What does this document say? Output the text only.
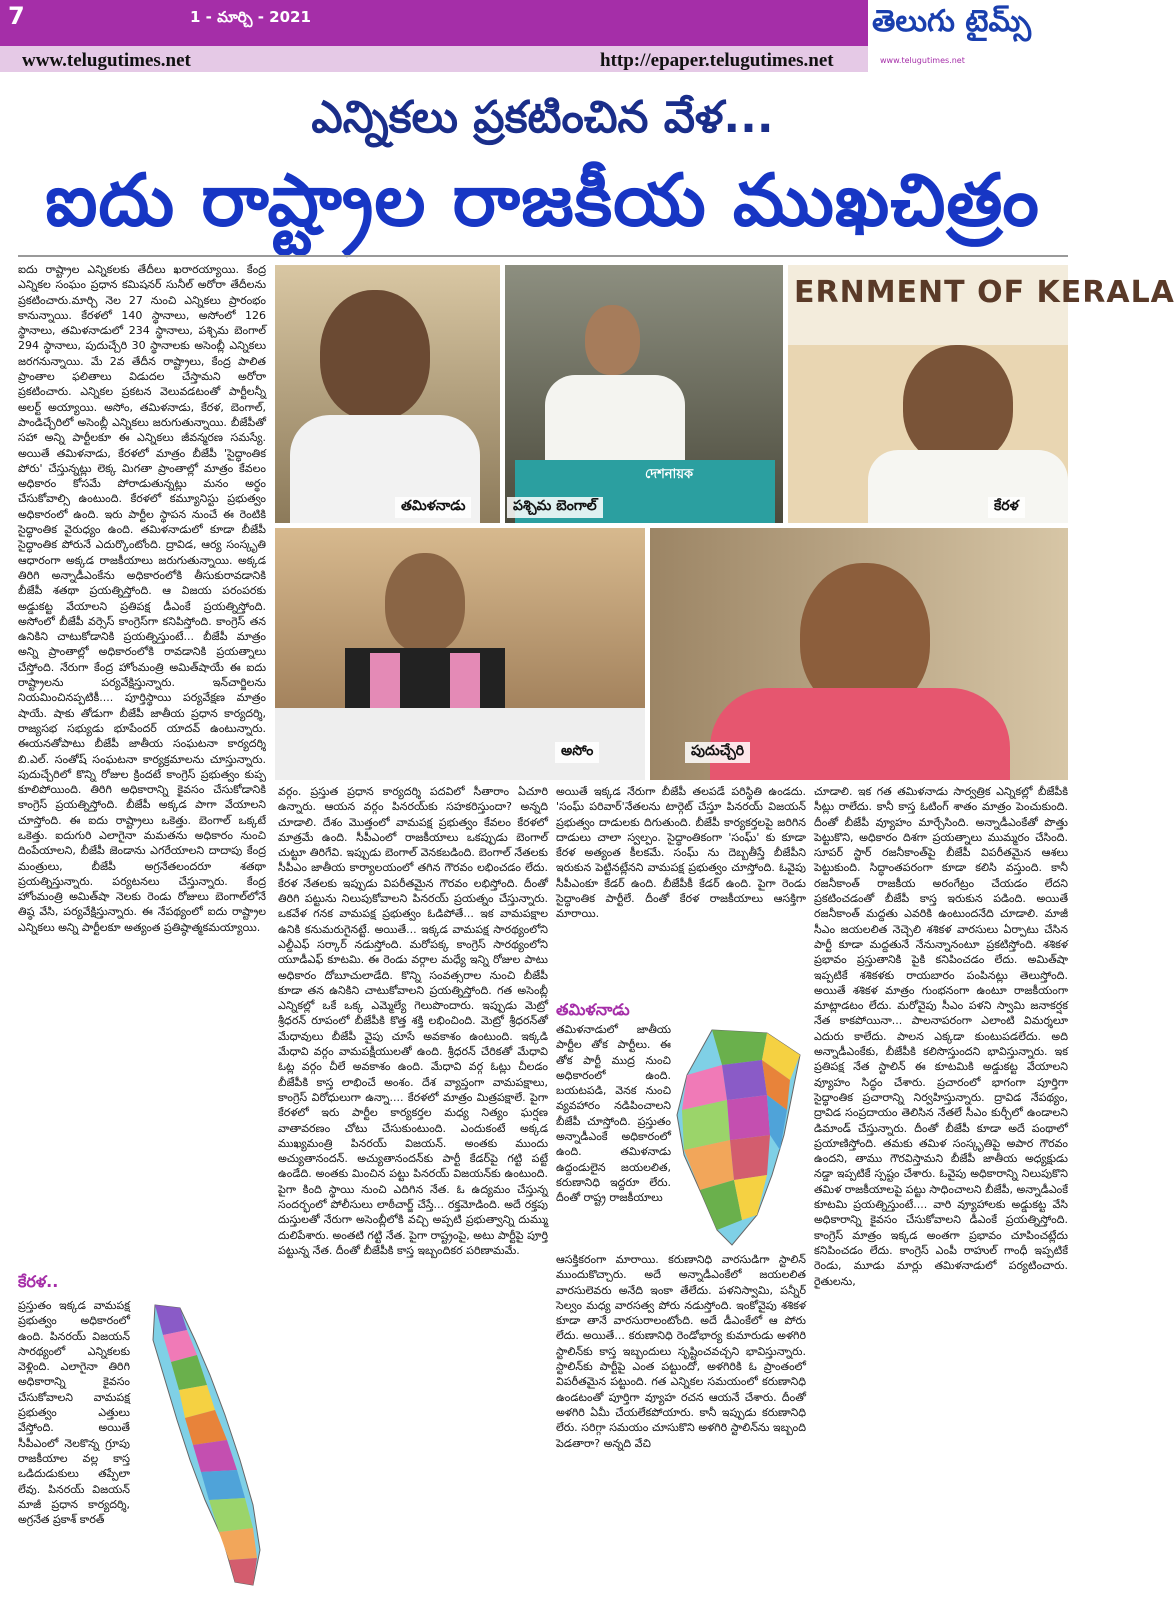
7	1 - మార్చి - 2021
www.telugutimes.net	http://epaper.telugutimes.net
తెలుగు టైమ్స్
www.telugutimes.net
ఎన్నికలు ప్రకటించిన వేళ...
ఐదు రాష్ట్రాల రాజకీయ ముఖచిత్రం

ఐదు రాష్ట్రాల ఎన్నికలకు తేదీలు ఖరారయ్యాయి. కేంద్ర ఎన్నికల సంఘం ప్రధాన కమిషనర్ సునీల్ అరోరా తేదీలను ప్రకటించారు.మార్చి నెల 27 నుంచి ఎన్నికలు ప్రారంభం కానున్నాయి. కేరళలో 140 స్థానాలు, అసోంలో 126 స్థానాలు, తమిళనాడులో 234 స్థానాలు, పశ్చిమ బెంగాల్ 294 స్థానాలు, పుదుచ్చేరి 30 స్థానాలకు అసెంబ్లీ ఎన్నికలు జరగనున్నాయి. మే 2వ తేదీన రాష్ట్రాలు, కేంద్ర పాలిత ప్రాంతాల ఫలితాలు విడుదల చేస్తామని అరోరా ప్రకటించారు. ఎన్నికల ప్రకటన వెలువడటంతో పార్టీలన్నీ అలర్ట్ అయ్యాయి. అసోం, తమిళనాడు, కేరళ, బెంగాల్, పాండిచ్చేరిలో అసెంబ్లీ ఎన్నికలు జరుగుతున్నాయి. బీజేపీతో సహా అన్ని పార్టీలకూ ఈ ఎన్నికలు జీవన్మరణ సమస్యే. అయితే తమిళనాడు, కేరళలో మాత్రం బీజేపీ 'సైద్ధాంతిక పోరు' చేస్తున్నట్లు లెక్క మిగతా ప్రాంతాల్లో మాత్రం కేవలం అధికారం కోసమే పోరాడుతున్నట్లు మనం అర్థం చేసుకోవాల్సి ఉంటుంది. కేరళలో కమ్యూనిస్టు ప్రభుత్వం అధికారంలో ఉంది. ఇరు పార్టీల స్థాపన నుంచే ఈ రెంటికి సైద్ధాంతిక వైరుధ్యం ఉంది. తమిళనాడులో కూడా బీజేపీ సైద్ధాంతిక పోరునే ఎదుర్కొంటోంది. ద్రావిడ, ఆర్య సంస్కృతి ఆధారంగా అక్కడ రాజకీయాలు జరుగుతున్నాయి. అక్కడ తిరిగి అన్నాడీఎంకేను అధికారంలోకి తీసుకురావడానికి బీజేపీ శతథా ప్రయత్నిస్తోంది. ఆ విజయ పరంపరకు అడ్డుకట్ట వేయాలని ప్రతిపక్ష డీఎంకే ప్రయత్నిస్తోంది. అసోంలో బీజేపీ వర్సెస్ కాంగ్రెస్‌గా కనిపిస్తోంది. కాంగ్రెస్ తన ఉనికిని చాటుకోడానికి ప్రయత్నిస్తుంటే... బీజేపీ మాత్రం అన్ని ప్రాంతాల్లో అధికారంలోకి రావడానికి ప్రయత్నాలు చేస్తోంది. నేరుగా కేంద్ర హోంమంత్రి అమిత్‌షాయే ఈ ఐదు రాష్ట్రాలను పర్యవేక్షిస్తున్నారు. ఇన్‌చార్జిలను నియమించినప్పటికీ.... పూర్తిస్థాయి పర్యవేక్షణ మాత్రం షాయే. షాకు తోడుగా బీజేపీ జాతీయ ప్రధాన కార్యదర్శి, రాజ్యసభ సభ్యుడు భూపేందర్ యాదవ్ ఉంటున్నారు. ఈయనతోపాటు బీజేపీ జాతీయ సంఘటనా కార్యదర్శి బి.ఎల్. సంతోష్ సంఘటనా కార్యక్రమాలను చూస్తున్నారు. పుదుచ్చేరిలో కొన్ని రోజుల క్రిందటే కాంగ్రెస్ ప్రభుత్వం కుప్ప కూలిపోయింది. తిరిగి అధికారాన్ని కైవసం చేసుకోడానికి కాంగ్రెస్ ప్రయత్నిస్తోంది. బీజేపీ అక్కడ పాగా వేయాలని చూస్తోంది. ఈ ఐదు రాష్ట్రాలు ఒకెత్తు. బెంగాల్ ఒక్కటే ఒకెత్తు. ఐదుగురి ఎలాగైనా మమతను అధికారం నుంచి దింపేయాలని, బీజేపీ జెండాను ఎగరేయాలని దాదాపు కేంద్ర మంత్రులు, బీజేపీ అగ్రనేతలందరూ శతథా ప్రయత్నిస్తున్నారు. పర్యటనలు చేస్తున్నారు. కేంద్ర హోంమంత్రి అమిత్‌షా నెలకు రెండు రోజులు బెంగాల్‌లోనే తిష్ఠ వేసి, పర్యవేక్షిస్తున్నారు. ఈ నేపథ్యంలో ఐదు రాష్ట్రాల ఎన్నికలు అన్ని పార్టీలకూ అత్యంత ప్రతిష్ఠాత్మకమయ్యాయి.

కేరళ..

ప్రస్తుతం ఇక్కడ వామపక్ష ప్రభుత్వం అధికారంలో ఉంది. పినరయ్ విజయన్ సారథ్యంలో ఎన్నికలకు వెళ్లింది. ఎలాగైనా తిరిగి అధికారాన్ని కైవసం చేసుకోవాలని వామపక్ష ప్రభుత్వం ఎత్తులు వేస్తోంది. అయితే సీపీఎంలో నెలకొన్న గ్రూపు రాజకీయాల వల్ల కాస్త ఒడిదుడుకులు తప్పేలా లేవు. పినరయ్ విజయన్ మాజీ ప్రధాన కార్యదర్శి, అగ్రనేత ప్రకాశ్ కారత్

తమిళనాడు
দেশনায়ক
పశ్చిమ బెంగాల్
ERNMENT OF KERALA
కేరళ
అసోం	పుదుచ్చేరి

వర్గం. ప్రస్తుత ప్రధాన కార్యదర్శి పదవిలో సీతారాం ఏచూరి ఉన్నారు. ఆయన వర్గం పినరయ్‌కు సహకరిస్తుందా? అన్నది చూడాలి. దేశం మొత్తంలో వామపక్ష ప్రభుత్వం కేవలం కేరళలో మాత్రమే ఉంది. సీపీఎంలో రాజకీయాలు ఒకప్పుడు బెంగాల్ చుట్టూ తిరిగేవి. ఇప్పుడు బెంగాల్ వెనకబడింది. బెంగాల్ నేతలకు సీపీఎం జాతీయ కార్యాలయంలో తగిన గౌరవం లభించడం లేదు. కేరళ నేతలకు ఇప్పుడు విపరీతమైన గౌరవం లభిస్తోంది. దీంతో తిరిగి పట్టును నిలుపుకోవాలని పినరయ్ ప్రయత్నం చేస్తున్నారు. ఒకవేళ గనక వామపక్ష ప్రభుత్వం ఓడిపోతే... ఇక వామపక్షాల ఉనికి కనుమరుగైనట్టే. అయితే... ఇక్కడ వామపక్ష సారథ్యంలోని ఎల్డీఎఫ్ సర్కార్ నడుస్తోంది. మరోపక్క కాంగ్రెస్ సారథ్యంలోని యూడీఎఫ్ కూటమి. ఈ రెండు వర్గాల మధ్యే ఇన్ని రోజుల పాటు అధికారం దోబూచులాడేది. కొన్ని సంవత్సరాల నుంచి బీజేపీ కూడా తన ఉనికిని చాటుకోవాలని ప్రయత్నిస్తోంది. గత అసెంబ్లీ ఎన్నికల్లో ఒకే ఒక్క ఎమ్మెల్యే గెలుపొందారు. ఇప్పుడు మెట్రో శ్రీధరన్ రూపంలో బీజేపీకి కొత్త శక్తి లభించింది. మెట్రో శ్రీధరన్‌తో మేధావులు బీజేపీ వైపు చూసే అవకాశం ఉంటుంది. ఇక్కడి మేధావి వర్గం వామపక్షీయులతో ఉంది. శ్రీధరన్ చేరికతో మేధావి ఓట్ల వర్గం చీలే అవకాశం ఉంది. మేధావి వర్గ ఓట్లు చీలడం బీజేపీకి కాస్త లాభించే అంశం. దేశ వ్యాప్తంగా వామపక్షాలు, కాంగ్రెస్ విరోధులుగా ఉన్నా.... కేరళలో మాత్రం మిత్రపక్షాలే. పైగా కేరళలో ఇరు పార్టీల కార్యకర్తల మధ్య నిత్యం ఘర్షణ వాతావరణం చోటు చేసుకుంటుంది. ఎందుకంటే అక్కడ ముఖ్యమంత్రి పినరయ్ విజయన్. అంతకు ముందు అచ్యుతానందన్. అచ్యుతానందన్‌కు పార్టీ కేడర్‌పై గట్టి పట్టే ఉండేది. అంతకు మించిన పట్టు పినరయ్ విజయన్‌కు ఉంటుంది. పైగా కింది స్థాయి నుంచి ఎదిగిన నేత. ఓ ఉద్యమం చేస్తున్న సందర్భంలో పోలీసులు లాఠీచార్జ్ చేస్తే... రక్తమోడింది. అదే రక్తపు దుస్తులతో నేరుగా అసెంబ్లీలోకి వచ్చి అప్పటి ప్రభుత్వాన్ని దుమ్ము దులిపేశారు. అంతటి గట్టి నేత. పైగా రాష్ట్రంపై, అటు పార్టీపై పూర్తి పట్టున్న నేత. దీంతో బీజేపీకి కాస్త ఇబ్బందికర పరిణామమే.

అయితే ఇక్కడ నేరుగా బీజేపీ తలపడే పరిస్థితి ఉండదు. 'సంఘ్ పరివార్'నేతలను టార్గెట్ చేస్తూ పినరయ్ విజయన్ ప్రభుత్వం దాడులకు దిగుతుంది. బీజేపీ కార్యకర్తలపై జరిగిన దాడులు చాలా స్వల్పం. సైద్ధాంతికంగా 'సంఘ్' కు కూడా కేరళ అత్యంత కీలకమే. సంఘ్ ను దెబ్బతీస్తే బీజేపీని ఇరుకున పెట్టినట్లేనని వామపక్ష ప్రభుత్వం చూస్తోంది. ఓవైపు సీపీఎంకూ కేడర్ ఉంది. బీజేపీకీ కేడర్ ఉంది. పైగా రెండు సైద్ధాంతిక పార్టీలే. దీంతో కేరళ రాజకీయాలు ఆసక్తిగా మారాయి.

తమిళనాడు

తమిళనాడులో జాతీయ పార్టీల తోక పార్టీలు. ఈ తోక పార్టీ ముద్ర నుంచి అధికారంలో ఉంది. బయటపడి, వెనక నుంచి వ్యవహారం నడిపించాలని బీజేపీ చూస్తోంది. ప్రస్తుతం అన్నాడీఎంకే అధికారంలో ఉంది. తమిళనాడు ఉద్దండులైన జయలలిత, కరుణానిధి ఇద్దరూ లేరు. దీంతో రాష్ట్ర రాజకీయాలు

ఆసక్తికరంగా మారాయి. కరుణానిధి వారసుడిగా స్టాలిన్ ముందుకొచ్చారు. అదే అన్నాడీఎంకేలో జయలలిత వారసులెవరు అనేది ఇంకా తేలేదు. పళనిస్వామి, పన్నీర్ సెల్వం మధ్య వారసత్వ పోరు నడుస్తోంది. ఇంకోవైపు శశికళ కూడా తానే వారసురాలంటోంది. అదే డీఎంకేలో ఆ పోరు లేదు. అయితే... కరుణానిధి రెండోభార్య కుమారుడు అళగిరి స్టాలిన్‌కు కాస్త ఇబ్బందులు సృష్టించవచ్చని భావిస్తున్నారు. స్టాలిన్‌కు పార్టీపై ఎంత పట్టుందో, అళగిరికి ఓ ప్రాంతంలో విపరీతమైన పట్టుంది. గత ఎన్నికల సమయంలో కరుణానిధి ఉండటంతో పూర్తిగా వ్యూహ రచన ఆయనే చేశారు. దీంతో అళగిరి ఏమీ చేయలేకపోయారు. కానీ ఇప్పుడు కరుణానిధి లేరు. సరిగ్గా సమయం చూసుకొని అళగిరి స్టాలిన్‌ను ఇబ్బంది పెడతారా? అన్నది వేచి

చూడాలి. ఇక గత తమిళనాడు సార్వత్రిక ఎన్నికల్లో బీజేపీకి సీట్లు రాలేదు. కానీ కాస్త ఓటింగ్ శాతం మాత్రం పెంచుకుంది. దీంతో బీజేపీ వ్యూహం మార్చేసింది. అన్నాడీఎంకేతో పొత్తు పెట్టుకొని, అధికారం దిశగా ప్రయత్నాలు ముమ్మరం చేసింది. సూపర్ స్టార్ రజనీకాంత్‌పై బీజేపీ విపరీతమైన ఆశలు పెట్టుకుంది. సిద్ధాంతపరంగా కూడా కలిసి వస్తుంది. కానీ రజనీకాంత్ రాజకీయ అరంగేట్రం చేయడం లేదని ప్రకటించడంతో బీజేపీ కాస్త ఇరుకున పడింది. అయితే రజనీకాంత్ మద్దతు ఎవరికి ఉంటుందనేది చూడాలి. మాజీ సీఎం జయలలిత నెచ్చెలి శశికళ వారసులు ఏర్పాటు చేసిన పార్టీ కూడా మద్దతునే నేనున్నానంటూ ప్రకటిస్తోంది. శశికళ ప్రభావం ప్రస్తుతానికి పైకి కనిపించడం లేదు. అమిత్‌షా ఇప్పటికే శశికళకు రాయబారం పంపినట్లు తెలుస్తోంది. అయితే శశికళ మాత్రం గుంభనంగా ఉంటూ రాజకీయంగా మాట్లాడటం లేదు. మరోవైపు సీఎం పళని స్వామి జనాకర్షక నేత కాకపోయినా... పాలనాపరంగా ఎలాంటి విమర్శలూ ఎదురు కాలేదు. పాలన ఎక్కడా కుంటుపడలేదు. అది అన్నాడీఎంకేకు, బీజేపీకి కలిసొస్తుందని భావిస్తున్నారు. ఇక ప్రతిపక్ష నేత స్టాలిన్ ఈ కూటమికి అడ్డుకట్ట వేయాలని వ్యూహం సిద్ధం చేశారు. ప్రచారంలో భాగంగా పూర్తిగా సైద్ధాంతిక ప్రచారాన్ని నిర్వహిస్తున్నారు. ద్రావిడ నేపథ్యం, ద్రావిడ సంప్రదాయం తెలిసిన నేతలే సీఎం కుర్చీలో ఉండాలని డిమాండ్ చేస్తున్నారు. దీంతో బీజేపీ కూడా అదే పంథాలో ప్రయాణిస్తోంది. తమకు తమిళ సంస్కృతిపై అపార గౌరవం ఉందని, తాము గౌరవిస్తామని బీజేపీ జాతీయ అధ్యక్షుడు నడ్డా ఇప్పటికే స్పష్టం చేశారు. ఓవైపు అధికారాన్ని నిలుపుకొని తమిళ రాజకీయాలపై పట్టు సాధించాలని బీజేపీ, అన్నాడీఎంకే కూటమి ప్రయత్నిస్తుంటే.... వారి వ్యూహాలకు అడ్డుకట్ట వేసి అధికారాన్ని కైవసం చేసుకోవాలని డీఎంకే ప్రయత్నిస్తోంది. కాంగ్రెస్ మాత్రం ఇక్కడ అంతగా ప్రభావం చూపించట్లేదు కనిపించడం లేదు. కాంగ్రెస్ ఎంపీ రాహుల్ గాంధీ ఇప్పటికే రెండు, మూడు మార్లు తమిళనాడులో పర్యటించారు. రైతులను,
